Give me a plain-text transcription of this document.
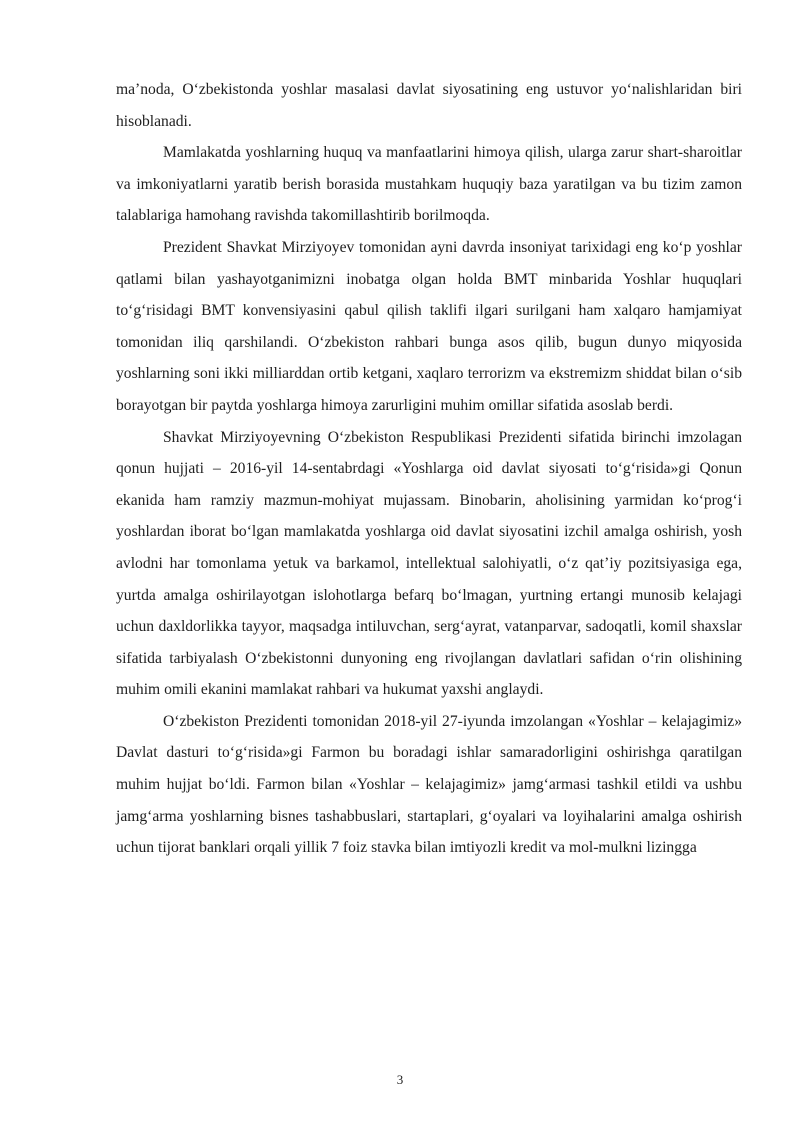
ma’noda, O‘zbekistonda yoshlar masalasi davlat siyosatining eng ustuvor yo‘nalishlaridan biri hisoblanadi.

Mamlakatda yoshlarning huquq va manfaatlarini himoya qilish, ularga zarur shart-sharoitlar va imkoniyatlarni yaratib berish borasida mustahkam huquqiy baza yaratilgan va bu tizim zamon talablariga hamohang ravishda takomillashtirib borilmoqda.

Prezident Shavkat Mirziyoyev tomonidan ayni davrda insoniyat tarixidagi eng ko‘p yoshlar qatlami bilan yashayotganimizni inobatga olgan holda BMT minbarida Yoshlar huquqlari to‘g‘risidagi BMT konvensiyasini qabul qilish taklifi ilgari surilgani ham xalqaro hamjamiyat tomonidan iliq qarshilandi. O‘zbekiston rahbari bunga asos qilib, bugun dunyo miqyosida yoshlarning soni ikki milliarddan ortib ketgani, xaqlaro terrorizm va ekstremizm shiddat bilan o‘sib borayotgan bir paytda yoshlarga himoya zarurligini muhim omillar sifatida asoslab berdi.

Shavkat Mirziyoyevning O‘zbekiston Respublikasi Prezidenti sifatida birinchi imzolagan qonun hujjati – 2016-yil 14-sentabrdagi «Yoshlarga oid davlat siyosati to‘g‘risida»gi Qonun ekanida ham ramziy mazmun-mohiyat mujassam. Binobarin, aholisining yarmidan ko‘prog‘i yoshlardan iborat bo‘lgan mamlakatda yoshlarga oid davlat siyosatini izchil amalga oshirish, yosh avlodni har tomonlama yetuk va barkamol, intellektual salohiyatli, o‘z qat’iy pozitsiyasiga ega, yurtda amalga oshirilayotgan islohotlarga befarq bo‘lmagan, yurtning ertangi munosib kelajagi uchun daxldorlikka tayyor, maqsadga intiluvchan, serg‘ayrat, vatanparvar, sadoqatli, komil shaxslar sifatida tarbiyalash O‘zbekistonni dunyoning eng rivojlangan davlatlari safidan o‘rin olishining muhim omili ekanini mamlakat rahbari va hukumat yaxshi anglaydi.

O‘zbekiston Prezidenti tomonidan 2018-yil 27-iyunda imzolangan «Yoshlar – kelajagimiz» Davlat dasturi to‘g‘risida»gi Farmon bu boradagi ishlar samaradorligini oshirishga qaratilgan muhim hujjat bo‘ldi. Farmon bilan «Yoshlar – kelajagimiz» jamg‘armasi tashkil etildi va ushbu jamg‘arma yoshlarning bisnes tashabbuslari, startaplari, g‘oyalari va loyihalarini amalga oshirish uchun tijorat banklari orqali yillik 7 foiz stavka bilan imtiyozli kredit va mol-mulkni lizingga

3
